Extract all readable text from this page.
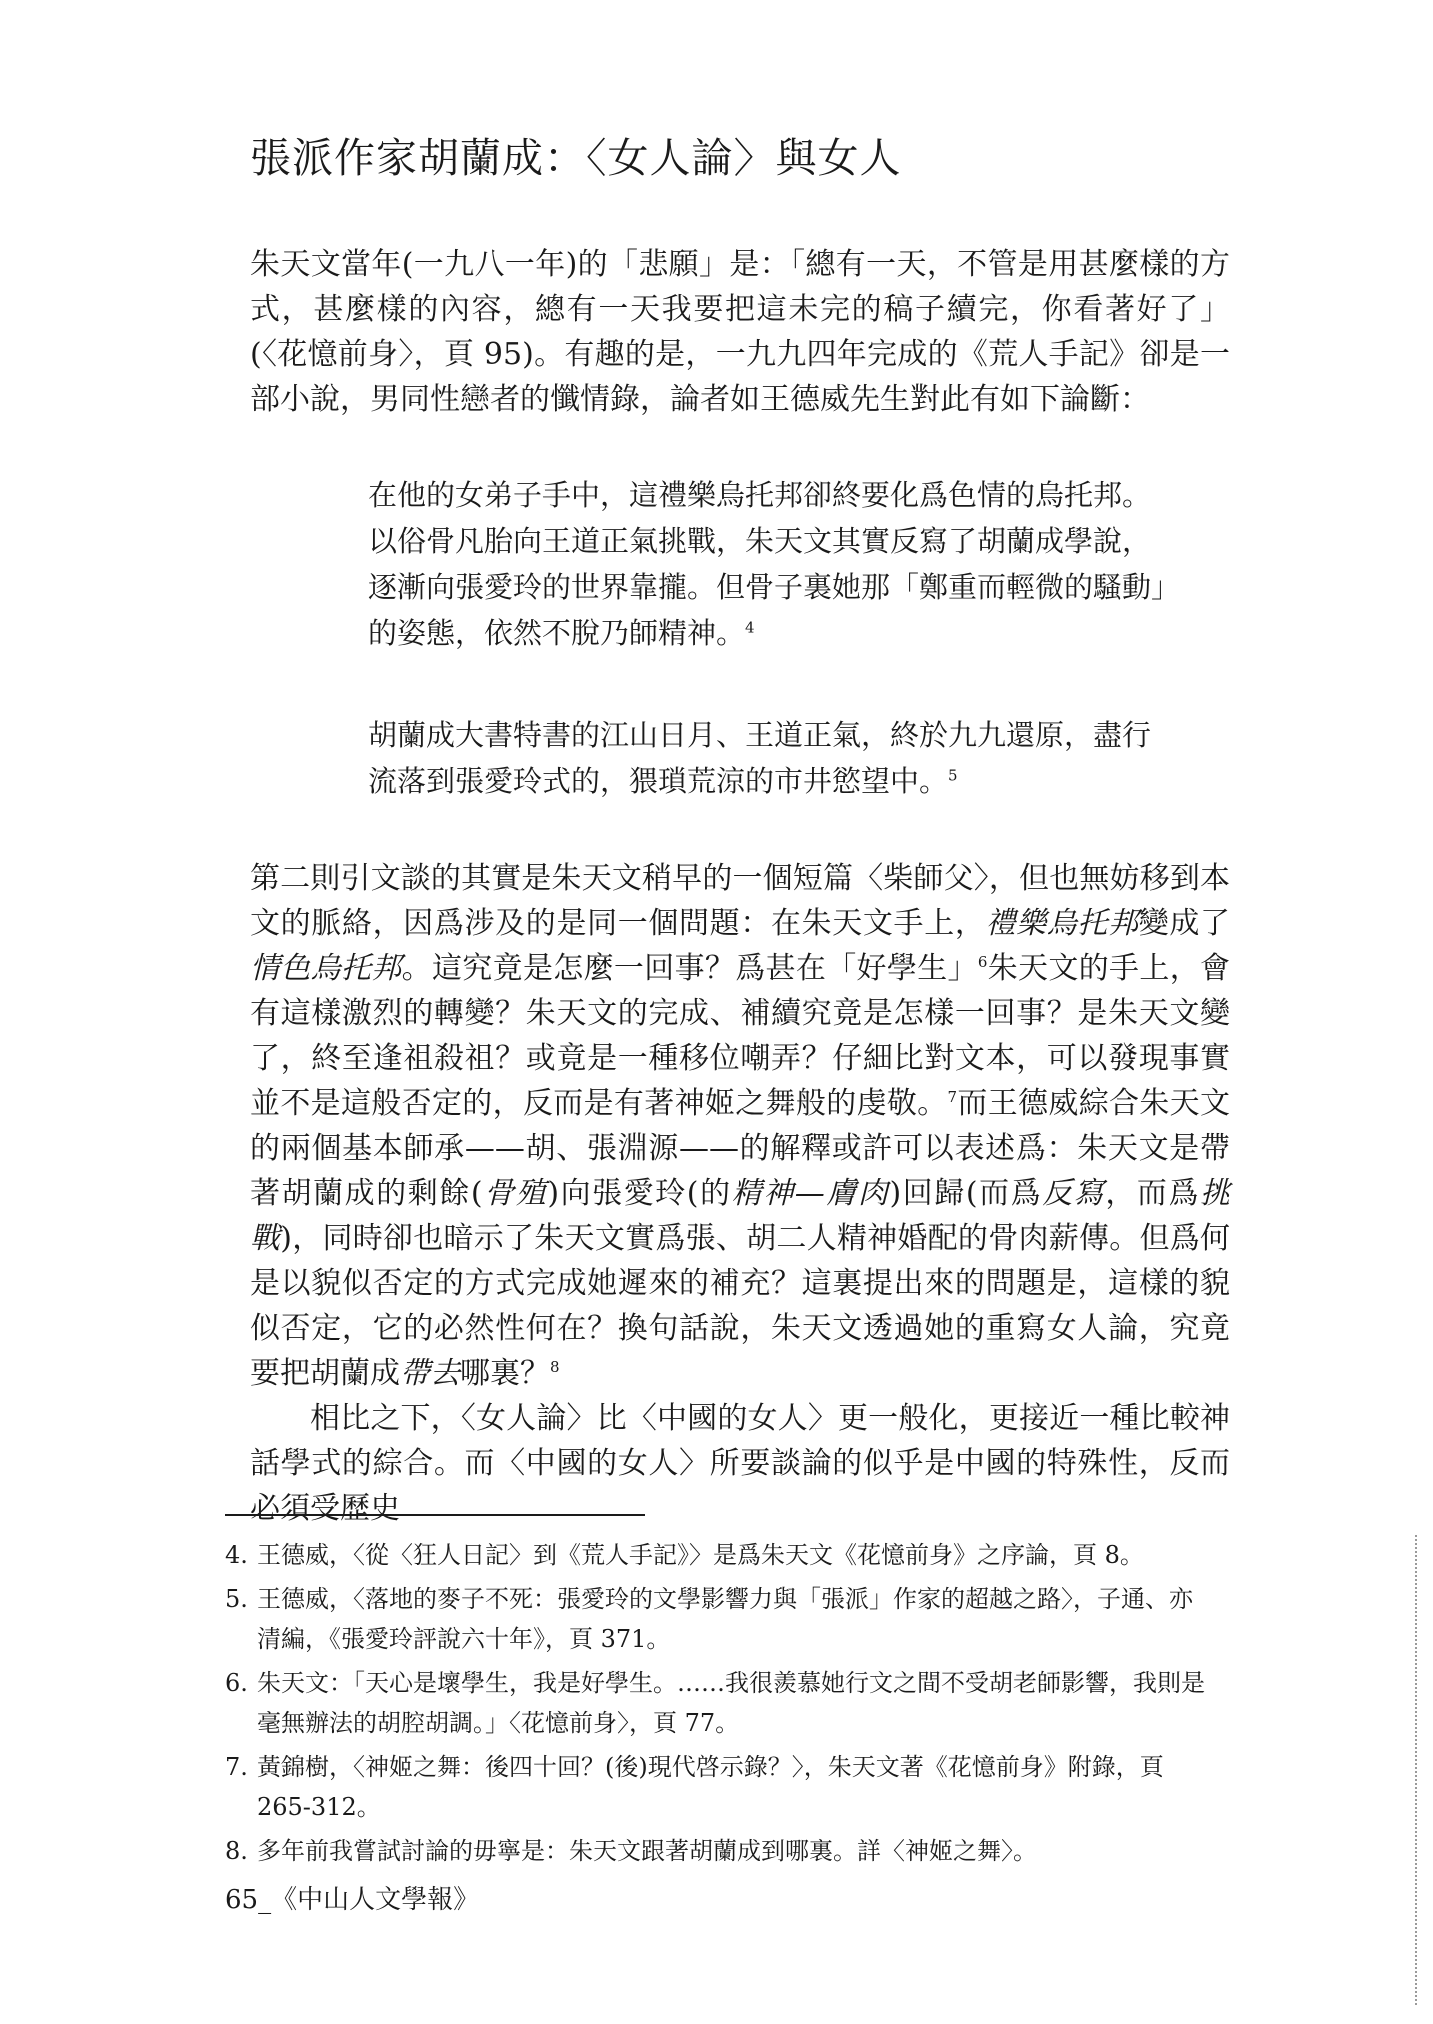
張派作家胡蘭成：〈女人論〉與女人

朱天文當年(一九八一年)的「悲願」是：「總有一天，不管是用甚麼樣的方式，甚麼樣的內容，總有一天我要把這未完的稿子續完，你看著好了」(〈花憶前身〉，頁 95)。有趣的是，一九九四年完成的《荒人手記》卻是一部小說，男同性戀者的懺情錄，論者如王德威先生對此有如下論斷：

在他的女弟子手中，這禮樂烏托邦卻終要化爲色情的烏托邦。

以俗骨凡胎向王道正氣挑戰，朱天文其實反寫了胡蘭成學說，

逐漸向張愛玲的世界靠攏。但骨子裏她那「鄭重而輕微的騷動」

的姿態，依然不脫乃師精神。$^4$

胡蘭成大書特書的江山日月、王道正氣，終於九九還原，盡行

流落到張愛玲式的，猥瑣荒涼的市井慾望中。$^5$

第二則引文談的其實是朱天文稍早的一個短篇〈柴師父〉，但也無妨移到本文的脈絡，因爲涉及的是同一個問題：在朱天文手上，禮樂烏托邦變成了情色烏托邦。這究竟是怎麼一回事？爲甚在「好學生」$^6$朱天文的手上，會有這樣激烈的轉變？朱天文的完成、補續究竟是怎樣一回事？是朱天文變了，終至逢祖殺祖？或竟是一種移位嘲弄？仔細比對文本，可以發現事實並不是這般否定的，反而是有著神姬之舞般的虔敬。$^7$而王德威綜合朱天文的兩個基本師承——胡、張淵源——的解釋或許可以表述爲：朱天文是帶著胡蘭成的剩餘(骨殖)向張愛玲(的精神—膚肉)回歸(而爲反寫，而爲挑戰)，同時卻也暗示了朱天文實爲張、胡二人精神婚配的骨肉薪傳。但爲何是以貌似否定的方式完成她遲來的補充？這裏提出來的問題是，這樣的貌似否定，它的必然性何在？換句話說，朱天文透過她的重寫女人論，究竟要把胡蘭成帶去哪裏？$^8$

相比之下，〈女人論〉比〈中國的女人〉更一般化，更接近一種比較神話學式的綜合。而〈中國的女人〉所要談論的似乎是中國的特殊性，反而必須受歷史

4. 王德威，〈從〈狂人日記〉到《荒人手記》〉是爲朱天文《花憶前身》之序論，頁 8。
5. 王德威，〈落地的麥子不死：張愛玲的文學影響力與「張派」作家的超越之路〉，子通、亦清編，《張愛玲評說六十年》，頁 371。
6. 朱天文：「天心是壞學生，我是好學生。……我很羨慕她行文之間不受胡老師影響，我則是毫無辦法的胡腔胡調。」〈花憶前身〉，頁 77。
7. 黃錦樹，〈神姬之舞：後四十回？(後)現代啓示錄？〉，朱天文著《花憶前身》附錄，頁 265-312。
8. 多年前我嘗試討論的毋寧是：朱天文跟著胡蘭成到哪裏。詳〈神姬之舞〉。
65_《中山人文學報》
